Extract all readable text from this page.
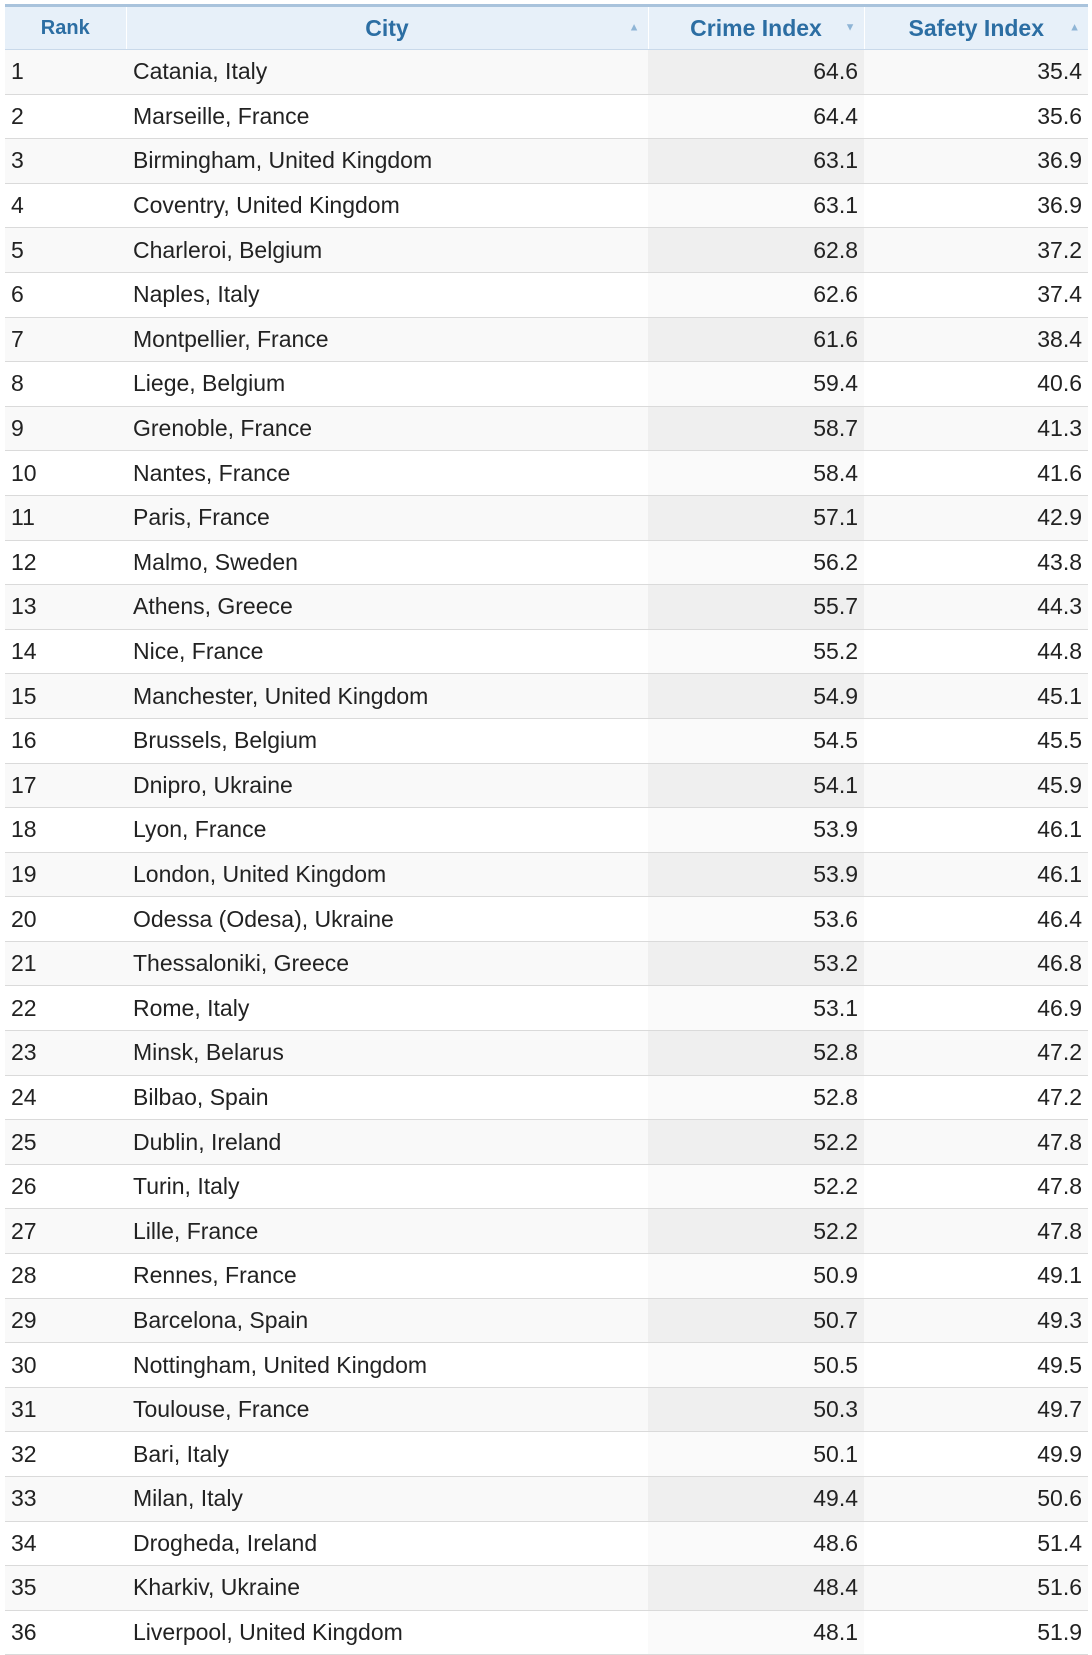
Rank	City ▲	Crime Index ▼	Safety Index ▲

1	Catania, Italy	64.6	35.4
2	Marseille, France	64.4	35.6
3	Birmingham, United Kingdom	63.1	36.9
4	Coventry, United Kingdom	63.1	36.9
5	Charleroi, Belgium	62.8	37.2
6	Naples, Italy	62.6	37.4
7	Montpellier, France	61.6	38.4
8	Liege, Belgium	59.4	40.6
9	Grenoble, France	58.7	41.3
10	Nantes, France	58.4	41.6
11	Paris, France	57.1	42.9
12	Malmo, Sweden	56.2	43.8
13	Athens, Greece	55.7	44.3
14	Nice, France	55.2	44.8
15	Manchester, United Kingdom	54.9	45.1
16	Brussels, Belgium	54.5	45.5
17	Dnipro, Ukraine	54.1	45.9
18	Lyon, France	53.9	46.1
19	London, United Kingdom	53.9	46.1
20	Odessa (Odesa), Ukraine	53.6	46.4
21	Thessaloniki, Greece	53.2	46.8
22	Rome, Italy	53.1	46.9
23	Minsk, Belarus	52.8	47.2
24	Bilbao, Spain	52.8	47.2
25	Dublin, Ireland	52.2	47.8
26	Turin, Italy	52.2	47.8
27	Lille, France	52.2	47.8
28	Rennes, France	50.9	49.1
29	Barcelona, Spain	50.7	49.3
30	Nottingham, United Kingdom	50.5	49.5
31	Toulouse, France	50.3	49.7
32	Bari, Italy	50.1	49.9
33	Milan, Italy	49.4	50.6
34	Drogheda, Ireland	48.6	51.4
35	Kharkiv, Ukraine	48.4	51.6
36	Liverpool, United Kingdom	48.1	51.9
